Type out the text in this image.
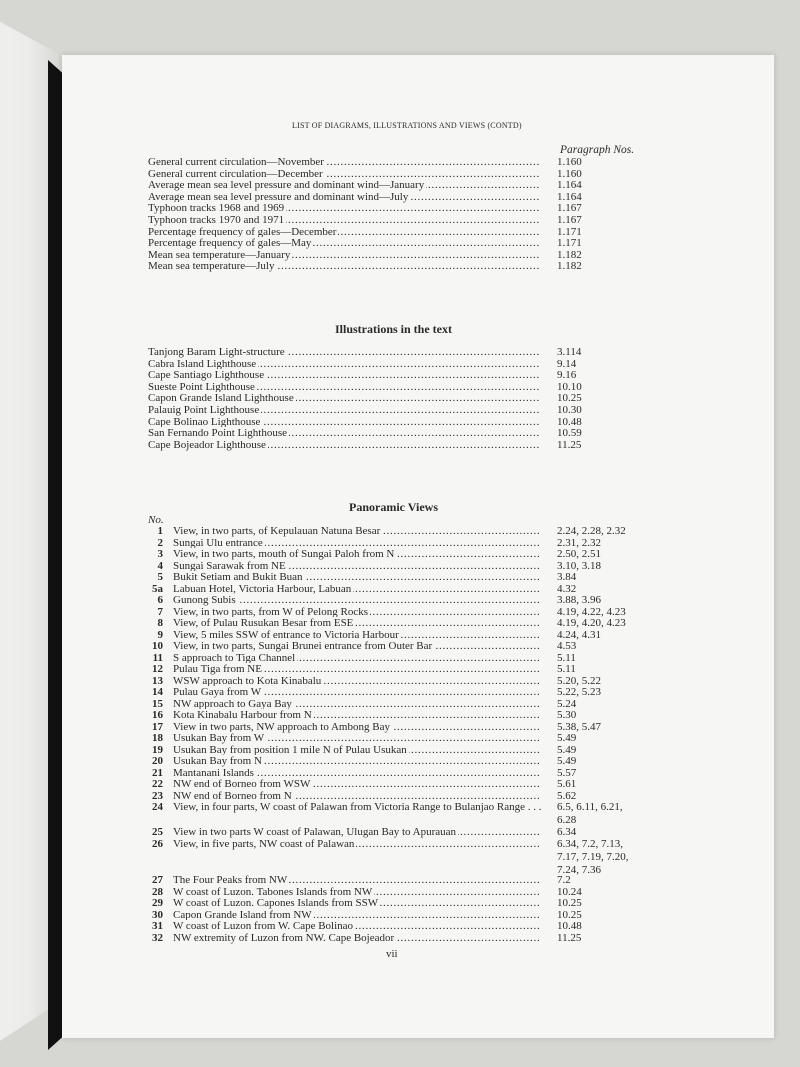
LIST OF DIAGRAMS, ILLUSTRATIONS AND VIEWS (CONTD)
Paragraph Nos.
General current circulation—November . . .	1.160
General current circulation—December . . .	1.160
Average mean sea level pressure and dominant wind—January . . .	1.164
Average mean sea level pressure and dominant wind—July . . .	1.164
Typhoon tracks 1968 and 1969 . . .	1.167
Typhoon tracks 1970 and 1971 . . .	1.167
Percentage frequency of gales—December . . .	1.171
Percentage frequency of gales—May . . .	1.171
Mean sea temperature—January . . .	1.182
Mean sea temperature—July . . .	1.182
Illustrations in the text
Tanjong Baram Light-structure . . .	3.114
Cabra Island Lighthouse . . .	9.14
Cape Santiago Lighthouse . . .	9.16
Sueste Point Lighthouse . . .	10.10
Capon Grande Island Lighthouse . . .	10.25
Palauig Point Lighthouse . . .	10.30
Cape Bolinao Lighthouse . . .	10.48
San Fernando Point Lighthouse . . .	10.59
Cape Bojeador Lighthouse . . .	11.25
Panoramic Views
No.
1 View, in two parts, of Kepulauan Natuna Besar . . .	2.24, 2.28, 2.32
2 Sungai Ulu entrance . . .	2.31, 2.32
3 View, in two parts, mouth of Sungai Paloh from N . . .	2.50, 2.51
4 Sungai Sarawak from NE . . .	3.10, 3.18
5 Bukit Setiam and Bukit Buan . . .	3.84
5a Labuan Hotel, Victoria Harbour, Labuan . . .	4.32
6 Gunong Subis . . .	3.88, 3.96
7 View, in two parts, from W of Pelong Rocks . . .	4.19, 4.22, 4.23
8 View, of Pulau Rusukan Besar from ESE . . .	4.19, 4.20, 4.23
9 View, 5 miles SSW of entrance to Victoria Harbour . . .	4.24, 4.31
10 View, in two parts, Sungai Brunei entrance from Outer Bar . . .	4.53
11 S approach to Tiga Channel . . .	5.11
12 Pulau Tiga from NE . . .	5.11
13 WSW approach to Kota Kinabalu . . .	5.20, 5.22
14 Pulau Gaya from W . . .	5.22, 5.23
15 NW approach to Gaya Bay . . .	5.24
16 Kota Kinabalu Harbour from N . . .	5.30
17 View in two parts, NW approach to Ambong Bay . . .	5.38, 5.47
18 Usukan Bay from W . . .	5.49
19 Usukan Bay from position 1 mile N of Pulau Usukan . . .	5.49
20 Usukan Bay from N . . .	5.49
21 Mantanani Islands . . .	5.57
22 NW end of Borneo from WSW . . .	5.61
23 NW end of Borneo from N . . .	5.62
24 View, in four parts, W coast of Palawan from Victoria Range to Bulanjao Range . . .	6.5, 6.11, 6.21,
6.28
25 View in two parts W coast of Palawan, Ulugan Bay to Apurauan . . .	6.34
26 View, in five parts, NW coast of Palawan . . .	6.34, 7.2, 7.13,
7.17, 7.19, 7.20,
7.24, 7.36
27 The Four Peaks from NW . . .	7.2
28 W coast of Luzon. Tabones Islands from NW . . .	10.24
29 W coast of Luzon. Capones Islands from SSW . . .	10.25
30 Capon Grande Island from NW . . .	10.25
31 W coast of Luzon from W. Cape Bolinao . . .	10.48
32 NW extremity of Luzon from NW. Cape Bojeador . . .	11.25
vii
